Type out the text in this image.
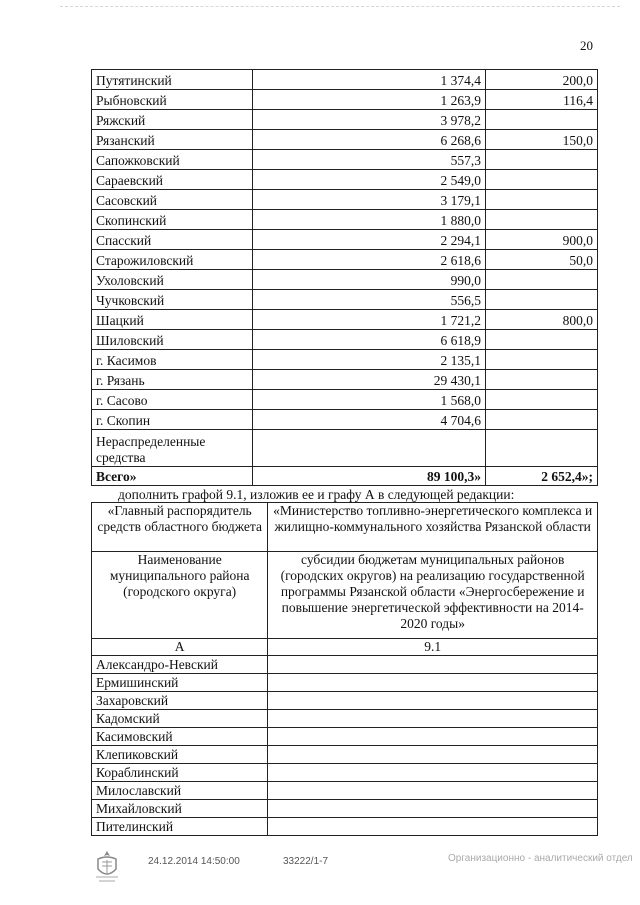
20
Путятинский	1 374,4	200,0
Рыбновский	1 263,9	116,4
Ряжский	3 978,2	
Рязанский	6 268,6	150,0
Сапожковский	557,3	
Сараевский	2 549,0	
Сасовский	3 179,1	
Скопинский	1 880,0	
Спасский	2 294,1	900,0
Старожиловский	2 618,6	50,0
Ухоловский	990,0	
Чучковский	556,5	
Шацкий	1 721,2	800,0
Шиловский	6 618,9	
г. Касимов	2 135,1	
г. Рязань	29 430,1	
г. Сасово	1 568,0	
г. Скопин	4 704,6	
Нераспределенные средства		
Всего»	89 100,3»	2 652,4»;
дополнить графой 9.1, изложив ее и графу А в следующей редакции:
«Главный распорядитель средств областного бюджета	«Министерство топливно-энергетического комплекса и жилищно-коммунального хозяйства Рязанской области
Наименование муниципального района (городского округа)	субсидии бюджетам муниципальных районов (городских округов) на реализацию государственной программы Рязанской области «Энергосбережение и повышение энергетической эффективности на 2014-2020 годы»
А	9.1
Александро-Невский	
Ермишинский	
Захаровский	
Кадомский	
Касимовский	
Клепиковский	
Кораблинский	
Милославский	
Михайловский	
Пителинский	
24.12.2014 14:50:00	33222/1-7	Организационно - аналитический отдел
